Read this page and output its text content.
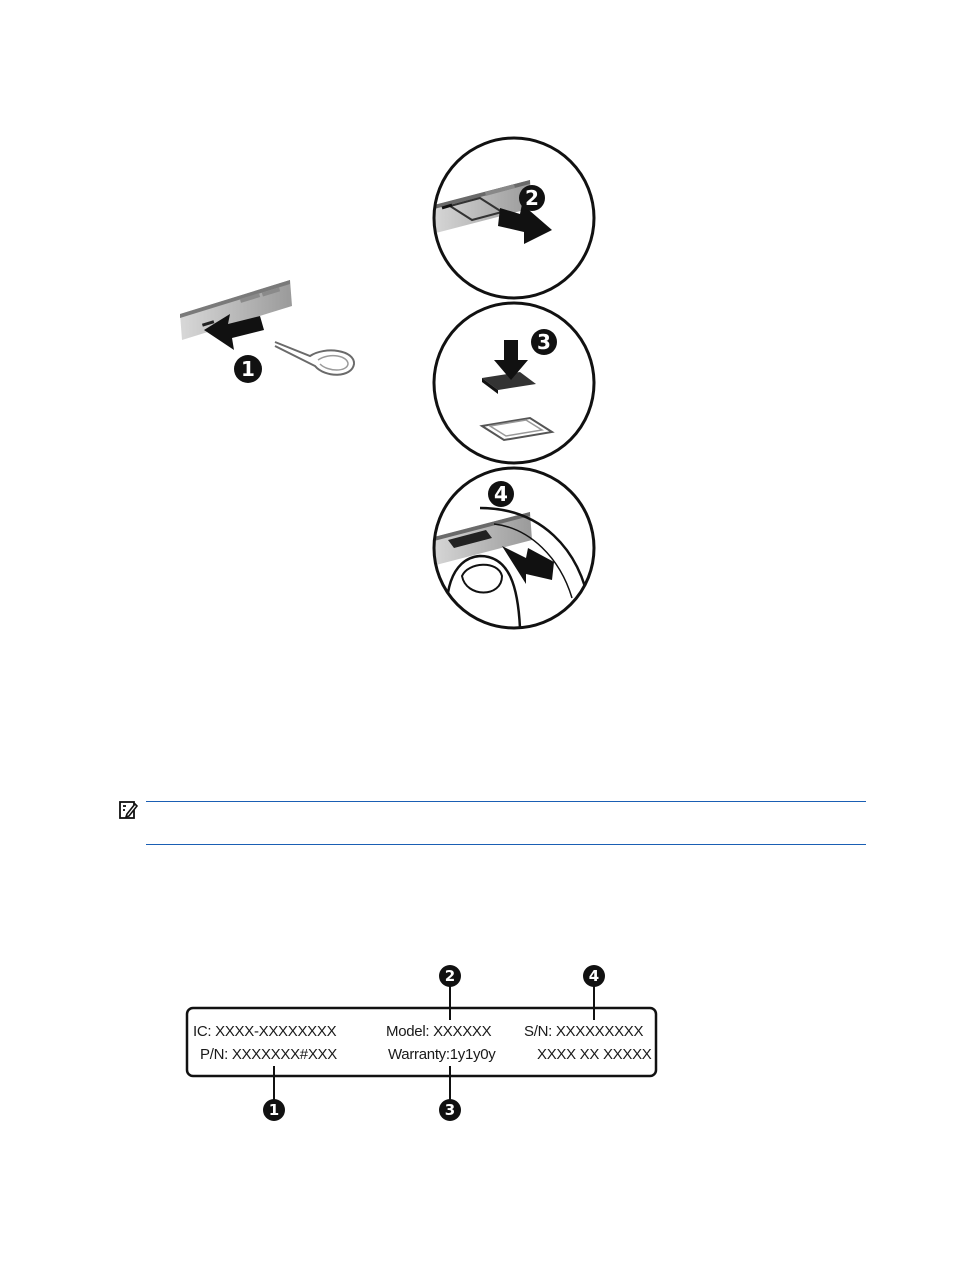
1
2
3
4
IC: XXXX-XXXXXXXX
P/N: XXXXXXX#XXX
Model: XXXXXX
Warranty:1y1y0y
S/N: XXXXXXXXX
XXXX XX XXXXX
1
2
3
4
